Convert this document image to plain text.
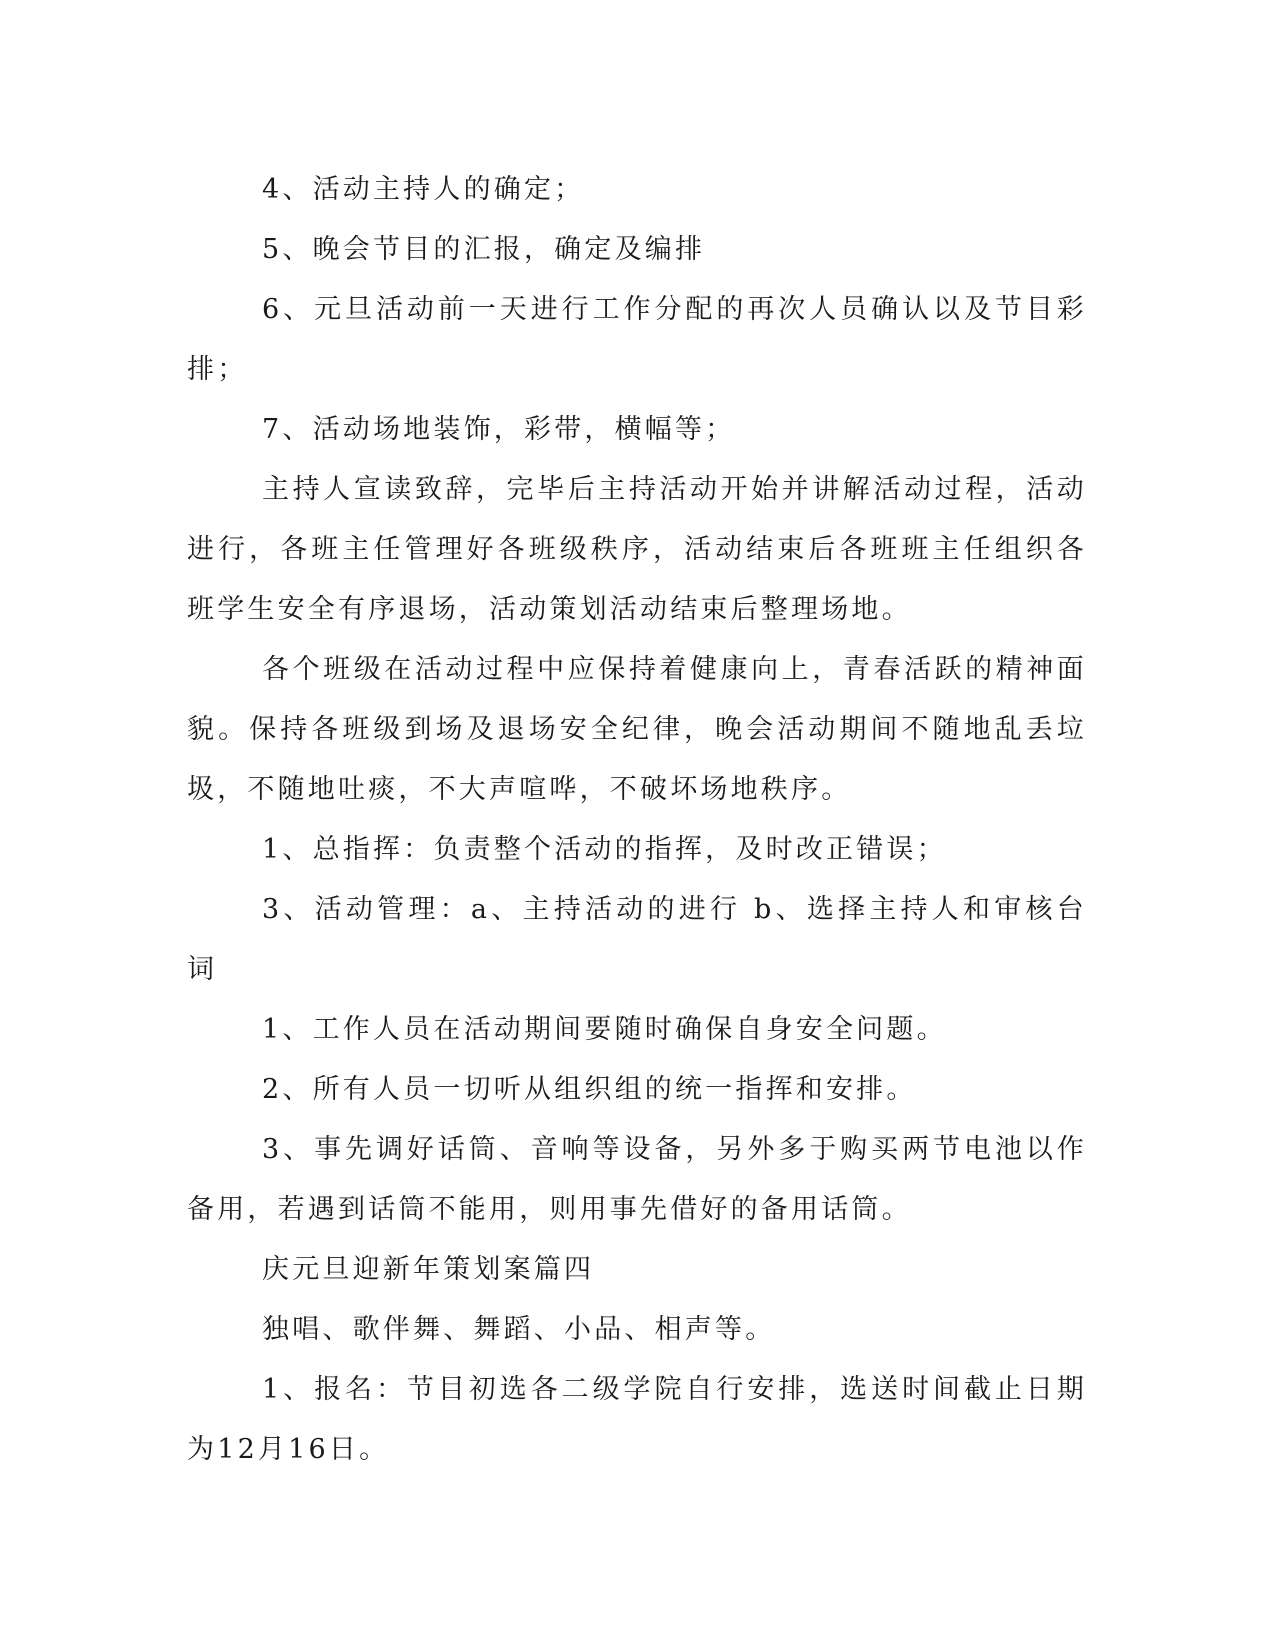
4、活动主持人的确定；

5、晚会节目的汇报，确定及编排

6、元旦活动前一天进行工作分配的再次人员确认以及节目彩排；

7、活动场地装饰，彩带，横幅等；

主持人宣读致辞，完毕后主持活动开始并讲解活动过程，活动进行，各班主任管理好各班级秩序，活动结束后各班班主任组织各班学生安全有序退场，活动策划活动结束后整理场地。

各个班级在活动过程中应保持着健康向上，青春活跃的精神面貌。保持各班级到场及退场安全纪律，晚会活动期间不随地乱丢垃圾，不随地吐痰，不大声喧哗，不破坏场地秩序。

1、总指挥：负责整个活动的指挥，及时改正错误；

3、活动管理：a、主持活动的进行 b、选择主持人和审核台词

1、工作人员在活动期间要随时确保自身安全问题。

2、所有人员一切听从组织组的统一指挥和安排。

3、事先调好话筒、音响等设备，另外多于购买两节电池以作备用，若遇到话筒不能用，则用事先借好的备用话筒。

庆元旦迎新年策划案篇四

独唱、歌伴舞、舞蹈、小品、相声等。

1、报名：节目初选各二级学院自行安排，选送时间截止日期为12月16日。
